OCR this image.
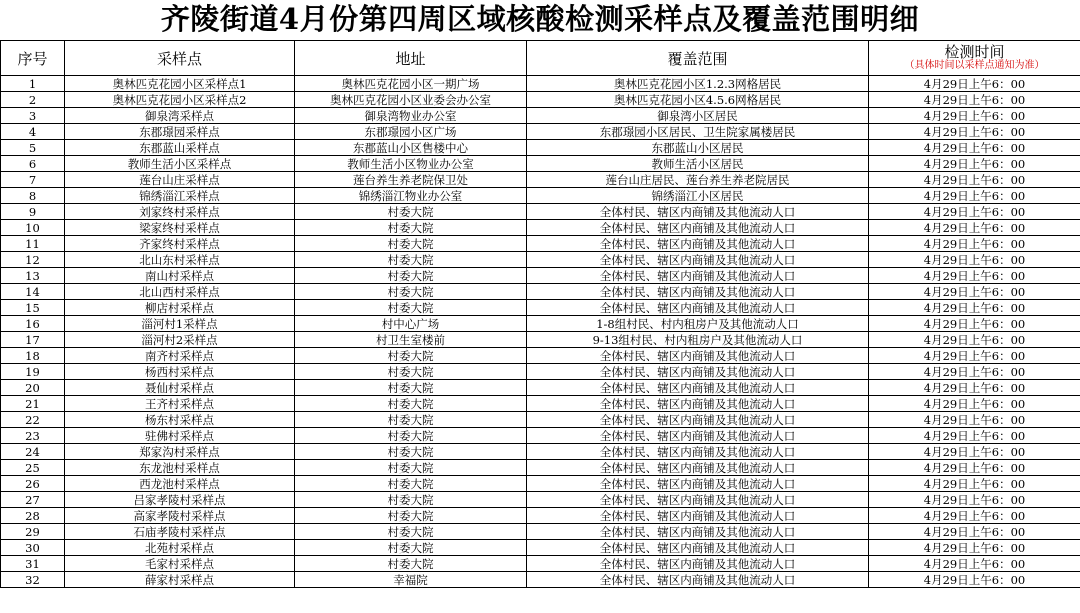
齐陵街道4月份第四周区域核酸检测采样点及覆盖范围明细
序号	采样点	地址	覆盖范围	检测时间
（具体时间以采样点通知为准）

1	奥林匹克花园小区采样点1	奥林匹克花园小区一期广场	奥林匹克花园小区1.2.3网格居民	4月29日上午6：00
2	奥林匹克花园小区采样点2	奥林匹克花园小区业委会办公室	奥林匹克花园小区4.5.6网格居民	4月29日上午6：00
3	御泉湾采样点	御泉湾物业办公室	御泉湾小区居民	4月29日上午6：00
4	东郡璟园采样点	东郡璟园小区广场	东郡璟园小区居民、卫生院家属楼居民	4月29日上午6：00
5	东郡蓝山采样点	东郡蓝山小区售楼中心	东郡蓝山小区居民	4月29日上午6：00
6	教师生活小区采样点	教师生活小区物业办公室	教师生活小区居民	4月29日上午6：00
7	莲台山庄采样点	莲台养生养老院保卫处	莲台山庄居民、莲台养生养老院居民	4月29日上午6：00
8	锦绣淄江采样点	锦绣淄江物业办公室	锦绣淄江小区居民	4月29日上午6：00
9	刘家终村采样点	村委大院	全体村民、辖区内商铺及其他流动人口	4月29日上午6：00
10	梁家终村采样点	村委大院	全体村民、辖区内商铺及其他流动人口	4月29日上午6：00
11	齐家终村采样点	村委大院	全体村民、辖区内商铺及其他流动人口	4月29日上午6：00
12	北山东村采样点	村委大院	全体村民、辖区内商铺及其他流动人口	4月29日上午6：00
13	南山村采样点	村委大院	全体村民、辖区内商铺及其他流动人口	4月29日上午6：00
14	北山西村采样点	村委大院	全体村民、辖区内商铺及其他流动人口	4月29日上午6：00
15	柳店村采样点	村委大院	全体村民、辖区内商铺及其他流动人口	4月29日上午6：00
16	淄河村1采样点	村中心广场	1-8组村民、村内租房户及其他流动人口	4月29日上午6：00
17	淄河村2采样点	村卫生室楼前	9-13组村民、村内租房户及其他流动人口	4月29日上午6：00
18	南齐村采样点	村委大院	全体村民、辖区内商铺及其他流动人口	4月29日上午6：00
19	杨西村采样点	村委大院	全体村民、辖区内商铺及其他流动人口	4月29日上午6：00
20	聂仙村采样点	村委大院	全体村民、辖区内商铺及其他流动人口	4月29日上午6：00
21	王齐村采样点	村委大院	全体村民、辖区内商铺及其他流动人口	4月29日上午6：00
22	杨东村采样点	村委大院	全体村民、辖区内商铺及其他流动人口	4月29日上午6：00
23	驻佛村采样点	村委大院	全体村民、辖区内商铺及其他流动人口	4月29日上午6：00
24	郑家沟村采样点	村委大院	全体村民、辖区内商铺及其他流动人口	4月29日上午6：00
25	东龙池村采样点	村委大院	全体村民、辖区内商铺及其他流动人口	4月29日上午6：00
26	西龙池村采样点	村委大院	全体村民、辖区内商铺及其他流动人口	4月29日上午6：00
27	吕家孝陵村采样点	村委大院	全体村民、辖区内商铺及其他流动人口	4月29日上午6：00
28	高家孝陵村采样点	村委大院	全体村民、辖区内商铺及其他流动人口	4月29日上午6：00
29	石庙孝陵村采样点	村委大院	全体村民、辖区内商铺及其他流动人口	4月29日上午6：00
30	北苑村采样点	村委大院	全体村民、辖区内商铺及其他流动人口	4月29日上午6：00
31	毛家村采样点	村委大院	全体村民、辖区内商铺及其他流动人口	4月29日上午6：00
32	薛家村采样点	幸福院	全体村民、辖区内商铺及其他流动人口	4月29日上午6：00
